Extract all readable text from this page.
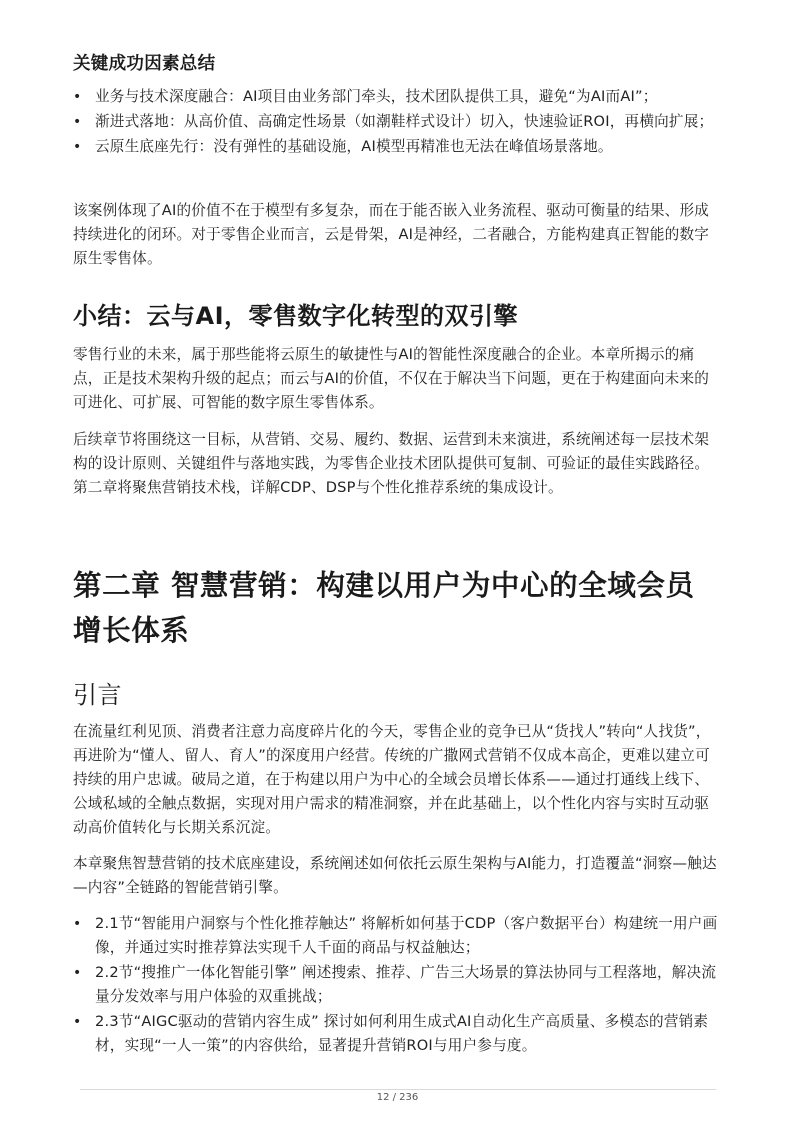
关键成功因素总结
• 业务与技术深度融合：AI项目由业务部门牵头，技术团队提供工具，避免“为AI而AI”；
• 渐进式落地：从高价值、高确定性场景（如潮鞋样式设计）切入，快速验证ROI，再横向扩展；
• 云原生底座先行：没有弹性的基础设施，AI模型再精准也无法在峰值场景落地。
该案例体现了AI的价值不在于模型有多复杂，而在于能否嵌入业务流程、驱动可衡量的结果、形成持续进化的闭环。对于零售企业而言，云是骨架，AI是神经，二者融合，方能构建真正智能的数字原生零售体。
小结：云与AI，零售数字化转型的双引擎
零售行业的未来，属于那些能将云原生的敏捷性与AI的智能性深度融合的企业。本章所揭示的痛点，正是技术架构升级的起点；而云与AI的价值，不仅在于解决当下问题，更在于构建面向未来的可进化、可扩展、可智能的数字原生零售体系。
后续章节将围绕这一目标，从营销、交易、履约、数据、运营到未来演进，系统阐述每一层技术架构的设计原则、关键组件与落地实践，为零售企业技术团队提供可复制、可验证的最佳实践路径。第二章将聚焦营销技术栈，详解CDP、DSP与个性化推荐系统的集成设计。
第二章 智慧营销：构建以用户为中心的全域会员增长体系
引言
在流量红利见顶、消费者注意力高度碎片化的今天，零售企业的竞争已从“货找人”转向“人找货”，再进阶为“懂人、留人、育人”的深度用户经营。传统的广撒网式营销不仅成本高企，更难以建立可持续的用户忠诚。破局之道，在于构建以用户为中心的全域会员增长体系——通过打通线上线下、公域私域的全触点数据，实现对用户需求的精准洞察，并在此基础上，以个性化内容与实时互动驱动高价值转化与长期关系沉淀。
本章聚焦智慧营销的技术底座建设，系统阐述如何依托云原生架构与AI能力，打造覆盖“洞察—触达—内容”全链路的智能营销引擎。
• 2.1节“智能用户洞察与个性化推荐触达” 将解析如何基于CDP（客户数据平台）构建统一用户画像，并通过实时推荐算法实现千人千面的商品与权益触达；
• 2.2节“搜推广一体化智能引擎” 阐述搜索、推荐、广告三大场景的算法协同与工程落地，解决流量分发效率与用户体验的双重挑战；
• 2.3节“AIGC驱动的营销内容生成” 探讨如何利用生成式AI自动化生产高质量、多模态的营销素材，实现“一人一策”的内容供给，显著提升营销ROI与用户参与度。
12 / 236
